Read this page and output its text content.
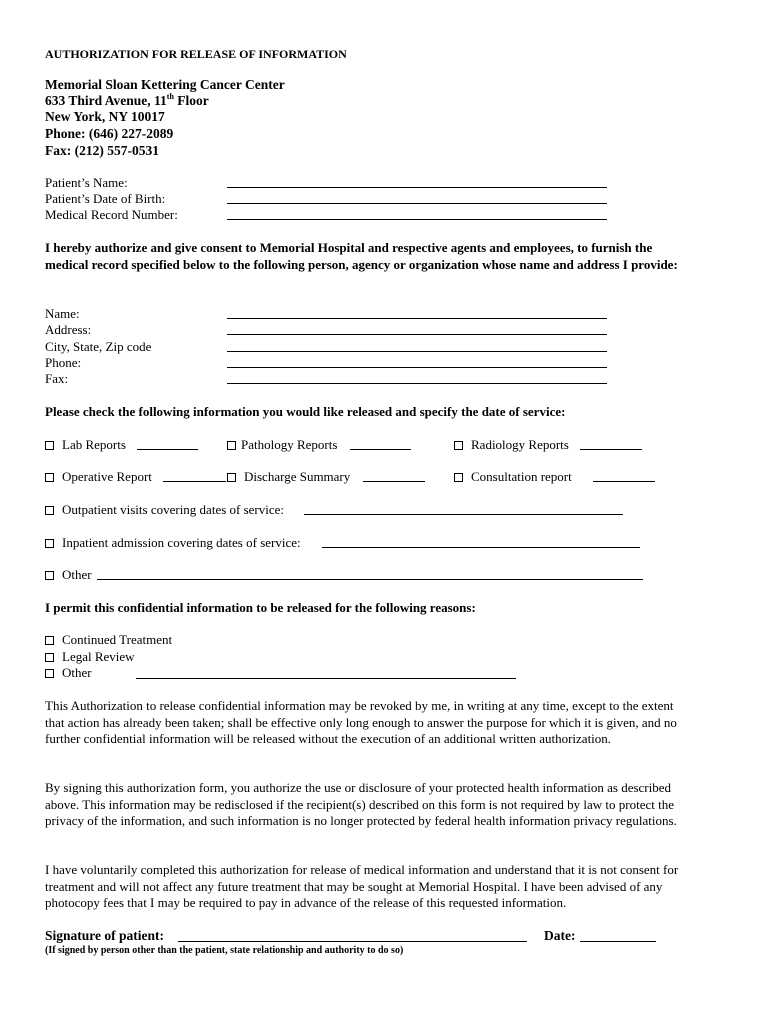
AUTHORIZATION FOR RELEASE OF INFORMATION
Memorial Sloan Kettering Cancer Center
633 Third Avenue, 11th Floor
New York, NY 10017
Phone: (646) 227-2089
Fax: (212) 557-0531
Patient’s Name:
Patient’s Date of Birth:
Medical Record Number:
I hereby authorize and give consent to Memorial Hospital and respective agents and employees, to furnish the medical record specified below to the following person, agency or organization whose name and address I provide:
Name:
Address:
City, State, Zip code
Phone:
Fax:
Please check the following information you would like released and specify the date of service:
Lab Reports	Pathology Reports	Radiology Reports
Operative Report	Discharge Summary	Consultation report
Outpatient visits covering dates of service:
Inpatient admission covering dates of service:
Other
I permit this confidential information to be released for the following reasons:
Continued Treatment
Legal Review
Other
This Authorization to release confidential information may be revoked by me, in writing at any time, except to the extent that action has already been taken; shall be effective only long enough to answer the purpose for which it is given, and no further confidential information will be released without the execution of an additional written authorization.
By signing this authorization form, you authorize the use or disclosure of your protected health information as described above. This information may be redisclosed if the recipient(s) described on this form is not required by law to protect the privacy of the information, and such information is no longer protected by federal health information privacy regulations.
I have voluntarily completed this authorization for release of medical information and understand that it is not consent for treatment and will not affect any future treatment that may be sought at Memorial Hospital. I have been advised of any photocopy fees that I may be required to pay in advance of the release of this requested information.
Signature of patient:	Date:
(If signed by person other than the patient, state relationship and authority to do so)
